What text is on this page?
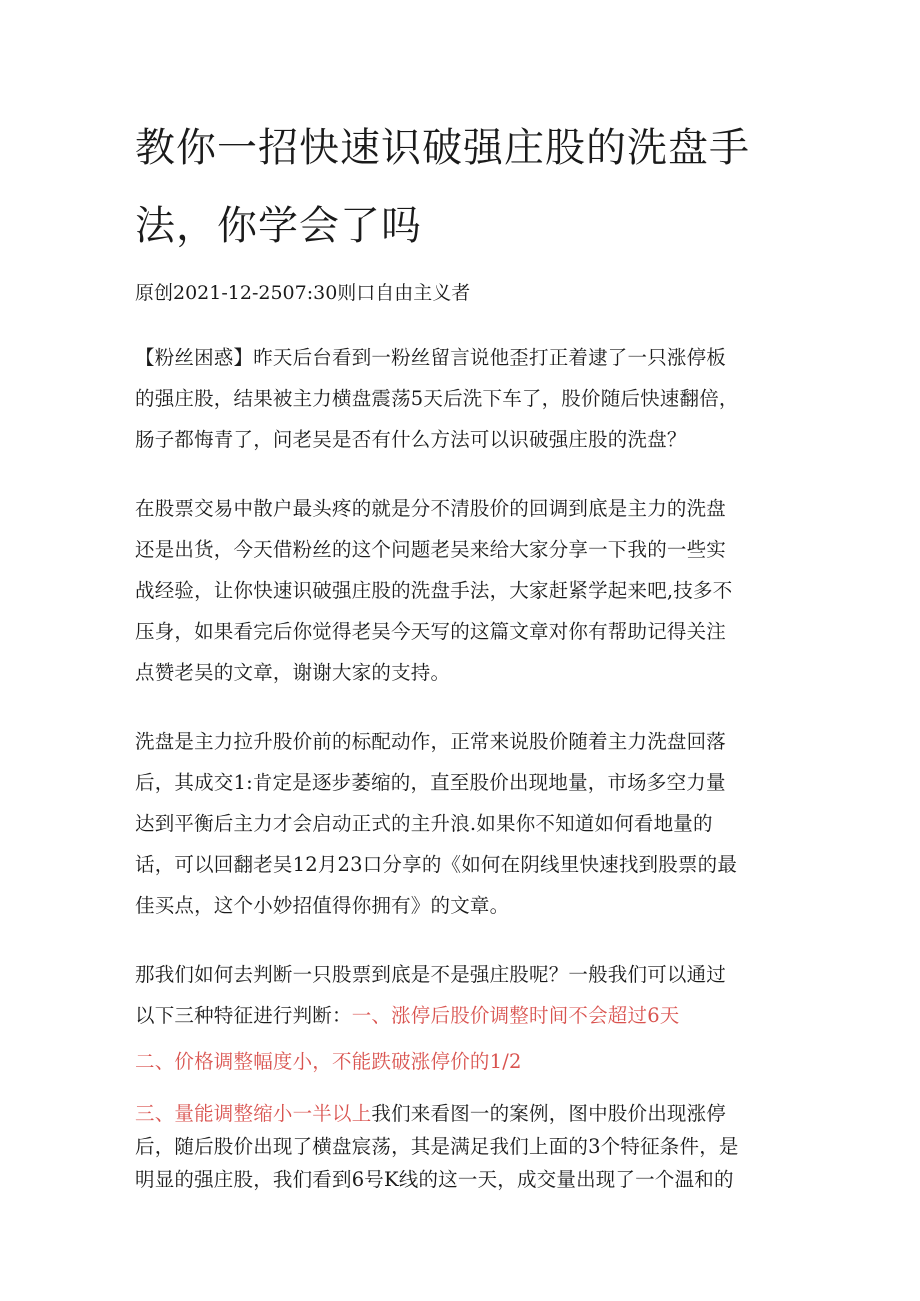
教你一招快速识破强庄股的洗盘手
法，你学会了吗
原创2021-12-2507:30则口自由主义者
【粉丝困惑】昨天后台看到一粉丝留言说他歪打正着逮了一只涨停板
的强庄股，结果被主力横盘震荡5天后洗下车了，股价随后快速翻倍，
肠子都悔青了，问老吴是否有什么方法可以识破强庄股的洗盘？
在股票交易中散户最头疼的就是分不清股价的回调到底是主力的洗盘
还是出货，今天借粉丝的这个问题老吴来给大家分享一下我的一些实
战经验，让你快速识破强庄股的洗盘手法，大家赶紧学起来吧,技多不
压身，如果看完后你觉得老吴今天写的这篇文章对你有帮助记得关注
点赞老吴的文章，谢谢大家的支持。
洗盘是主力拉升股价前的标配动作，正常来说股价随着主力洗盘回落
后，其成交1:肯定是逐步萎缩的，直至股价出现地量，市场多空力量
达到平衡后主力才会启动正式的主升浪.如果你不知道如何看地量的
话，可以回翻老吴12月23口分享的《如何在阴线里快速找到股票的最
佳买点，这个小妙招值得你拥有》的文章。
那我们如何去判断一只股票到底是不是强庄股呢？一般我们可以通过
以下三种特征进行判断：一、涨停后股价调整时间不会超过6天
二、价格调整幅度小，不能跌破涨停价的1/2
三、量能调整缩小一半以上我们来看图一的案例，图中股价出现涨停
后，随后股价出现了横盘宸荡，其是满足我们上面的3个特征条件，是
明显的强庄股，我们看到6号K线的这一天，成交量出现了一个温和的
